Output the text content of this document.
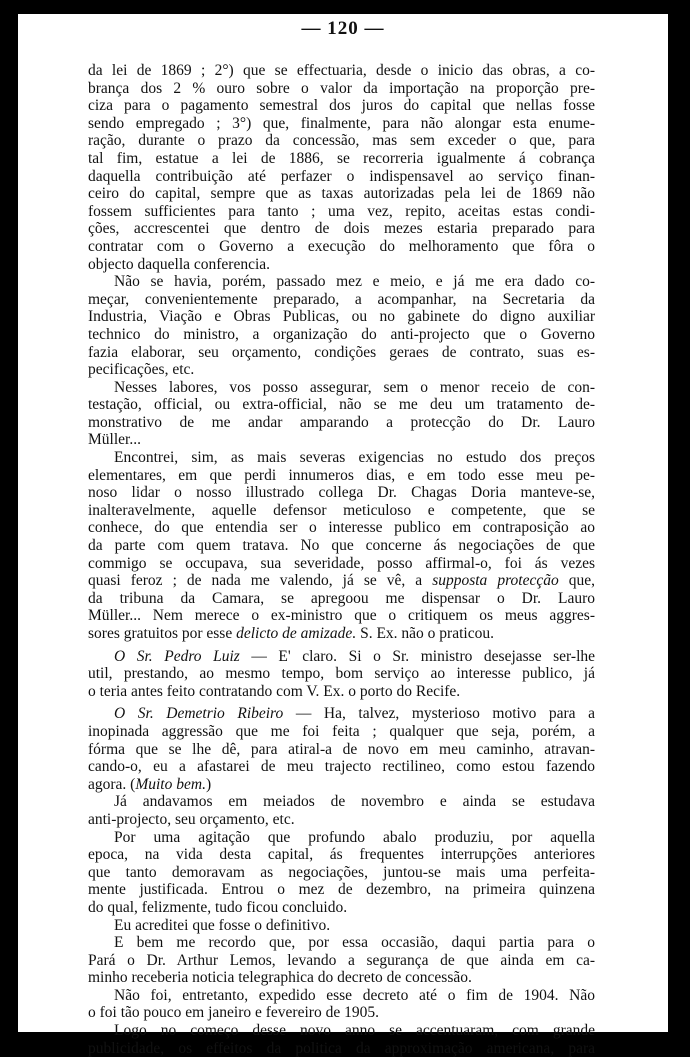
— 120 —
da lei de 1869 ; 2°) que se effectuaria, desde o inicio das obras, a co-
brança dos 2 % ouro sobre o valor da importação na proporção pre-
ciza para o pagamento semestral dos juros do capital que nellas fosse
sendo empregado ; 3°) que, finalmente, para não alongar esta enume-
ração, durante o prazo da concessão, mas sem exceder o que, para
tal fim, estatue a lei de 1886, se recorreria igualmente á cobrança
daquella contribuição até perfazer o indispensavel ao serviço finan-
ceiro do capital, sempre que as taxas autorizadas pela lei de 1869 não
fossem sufficientes para tanto ; uma vez, repito, aceitas estas condi-
ções, accrescentei que dentro de dois mezes estaria preparado para
contratar com o Governo a execução do melhoramento que fôra o
objecto daquella conferencia.
Não se havia, porém, passado mez e meio, e já me era dado co-
meçar, convenientemente preparado, a acompanhar, na Secretaria da
Industria, Viação e Obras Publicas, ou no gabinete do digno auxiliar
technico do ministro, a organização do anti-projecto que o Governo
fazia elaborar, seu orçamento, condições geraes de contrato, suas es-
pecificações, etc.
Nesses labores, vos posso assegurar, sem o menor receio de con-
testação, official, ou extra-official, não se me deu um tratamento de-
monstrativo de me andar amparando a protecção do Dr. Lauro
Müller...
Encontrei, sim, as mais severas exigencias no estudo dos preços
elementares, em que perdi innumeros dias, e em todo esse meu pe-
noso lidar o nosso illustrado collega Dr. Chagas Doria manteve-se,
inalteravelmente, aquelle defensor meticuloso e competente, que se
conhece, do que entendia ser o interesse publico em contraposição ao
da parte com quem tratava. No que concerne ás negociações de que
commigo se occupava, sua severidade, posso affirmal-o, foi ás vezes
quasi feroz ; de nada me valendo, já se vê, a supposta protecção que,
da tribuna da Camara, se apregoou me dispensar o Dr. Lauro
Müller... Nem merece o ex-ministro que o critiquem os meus aggres-
sores gratuitos por esse delicto de amizade. S. Ex. não o praticou.
O Sr. Pedro Luiz — E' claro. Si o Sr. ministro desejasse ser-lhe
util, prestando, ao mesmo tempo, bom serviço ao interesse publico, já
o teria antes feito contratando com V. Ex. o porto do Recife.
O Sr. Demetrio Ribeiro — Ha, talvez, mysterioso motivo para a
inopinada aggressão que me foi feita ; qualquer que seja, porém, a
fórma que se lhe dê, para atiral-a de novo em meu caminho, atravan-
cando-o, eu a afastarei de meu trajecto rectilineo, como estou fazendo
agora. (Muito bem.)
Já andavamos em meiados de novembro e ainda se estudava
anti-projecto, seu orçamento, etc.
Por uma agitação que profundo abalo produziu, por aquella
epoca, na vida desta capital, ás frequentes interrupções anteriores
que tanto demoravam as negociações, juntou-se mais uma perfeita-
mente justificada. Entrou o mez de dezembro, na primeira quinzena
do qual, felizmente, tudo ficou concluido.
Eu acreditei que fosse o definitivo.
E bem me recordo que, por essa occasião, daqui partia para o
Pará o Dr. Arthur Lemos, levando a segurança de que ainda em ca-
minho receberia noticia telegraphica do decreto de concessão.
Não foi, entretanto, expedido esse decreto até o fim de 1904. Não
o foi tão pouco em janeiro e fevereiro de 1905.
Logo no começo desse novo anno se accentuaram, com grande
publicidade, os effeitos da politica da approximação americana, para
